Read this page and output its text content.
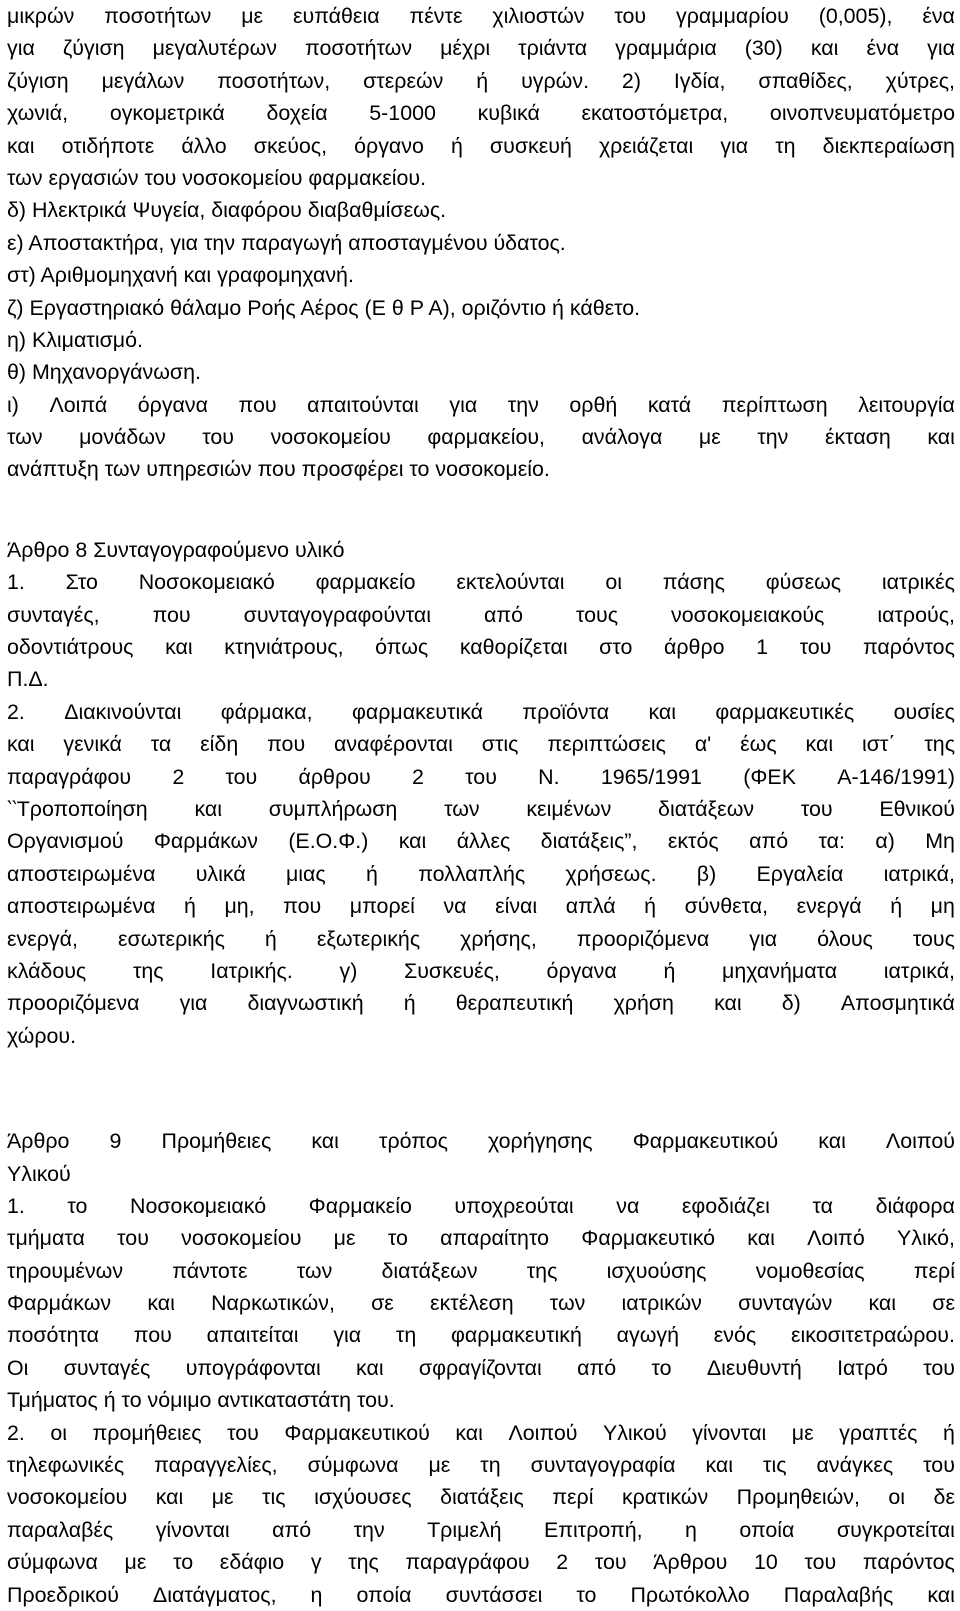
μικρών ποσοτήτων με ευπάθεια πέντε χιλιοστών του γραμμαρίου (0,005), ένα
για ζύγιση μεγαλυτέρων ποσοτήτων μέχρι τριάντα γραμμάρια (30) και ένα για
ζύγιση μεγάλων ποσοτήτων, στερεών ή υγρών. 2) Ιγδία, σπαθίδες, χύτρες,
χωνιά, ογκομετρικά δοχεία 5-1000 κυβικά εκατοστόμετρα, οινοπνευματόμετρο
και οτιδήποτε άλλο σκεύος, όργανο ή συσκευή χρειάζεται για τη διεκπεραίωση
των εργασιών του νοσοκομείου φαρμακείου.
δ) Ηλεκτρικά Ψυγεία, διαφόρου διαβαθμίσεως.
ε) Αποστακτήρα, για την παραγωγή αποσταγμένου ύδατος.
στ) Αριθμομηχανή και γραφομηχανή.
ζ) Εργαστηριακό θάλαμο Ροής Αέρος (Ε θ Ρ Α), οριζόντιο ή κάθετο.
η) Κλιματισμό.
θ) Μηχανοργάνωση.
ι) Λοιπά όργανα που απαιτούνται για την ορθή κατά περίπτωση λειτουργία
των μονάδων του νοσοκομείου φαρμακείου, ανάλογα με την έκταση και
ανάπτυξη των υπηρεσιών που προσφέρει το νοσοκομείο.
Άρθρο 8 Συνταγογραφούμενο υλικό
1. Στο Νοσοκομειακό φαρμακείο εκτελούνται οι πάσης φύσεως ιατρικές
συνταγές, που συνταγογραφούνται από τους νοσοκομειακούς ιατρούς,
οδοντιάτρους και κτηνιάτρους, όπως καθορίζεται στο άρθρο 1 του παρόντος
Π.Δ.
2. Διακινούνται φάρμακα, φαρμακευτικά προϊόντα και φαρμακευτικές ουσίες
και γενικά τα είδη που αναφέρονται στις περιπτώσεις α' έως και ιστ΄ της
παραγράφου 2 του άρθρου 2 του Ν. 1965/1991 (ΦΕΚ Α-146/1991)
‵‵Τροποποίηση και συμπλήρωση των κειμένων διατάξεων του Εθνικού
Οργανισμού Φαρμάκων (Ε.Ο.Φ.) και άλλες διατάξεις”, εκτός από τα: α) Μη
αποστειρωμένα υλικά μιας ή πολλαπλής χρήσεως. β) Εργαλεία ιατρικά,
αποστειρωμένα ή μη, που μπορεί να είναι απλά ή σύνθετα, ενεργά ή μη
ενεργά, εσωτερικής ή εξωτερικής χρήσης, προοριζόμενα για όλους τους
κλάδους της Ιατρικής. γ) Συσκευές, όργανα ή μηχανήματα ιατρικά,
προοριζόμενα για διαγνωστική ή θεραπευτική χρήση και δ) Αποσμητικά
χώρου.
Άρθρο 9 Προμήθειες και τρόπος χορήγησης Φαρμακευτικού και Λοιπού
Υλικού
1. το Νοσοκομειακό Φαρμακείο υποχρεούται να εφοδιάζει τα διάφορα
τμήματα του νοσοκομείου με το απαραίτητο Φαρμακευτικό και Λοιπό Υλικό,
τηρουμένων πάντοτε των διατάξεων της ισχυούσης νομοθεσίας περί
Φαρμάκων και Ναρκωτικών, σε εκτέλεση των ιατρικών συνταγών και σε
ποσότητα που απαιτείται για τη φαρμακευτική αγωγή ενός εικοσιτετραώρου.
Οι συνταγές υπογράφονται και σφραγίζονται από το Διευθυντή Ιατρό του
Τμήματος ή το νόμιμο αντικαταστάτη του.
2. οι προμήθειες του Φαρμακευτικού και Λοιπού Υλικού γίνονται με γραπτές ή
τηλεφωνικές παραγγελίες, σύμφωνα με τη συνταγογραφία και τις ανάγκες του
νοσοκομείου και με τις ισχύουσες διατάξεις περί κρατικών Προμηθειών, οι δε
παραλαβές γίνονται από την Τριμελή Επιτροπή, η οποία συγκροτείται
σύμφωνα με το εδάφιο γ της παραγράφου 2 του Άρθρου 10 του παρόντος
Προεδρικού Διατάγματος, η οποία συντάσσει το Πρωτόκολλο Παραλαβής και
